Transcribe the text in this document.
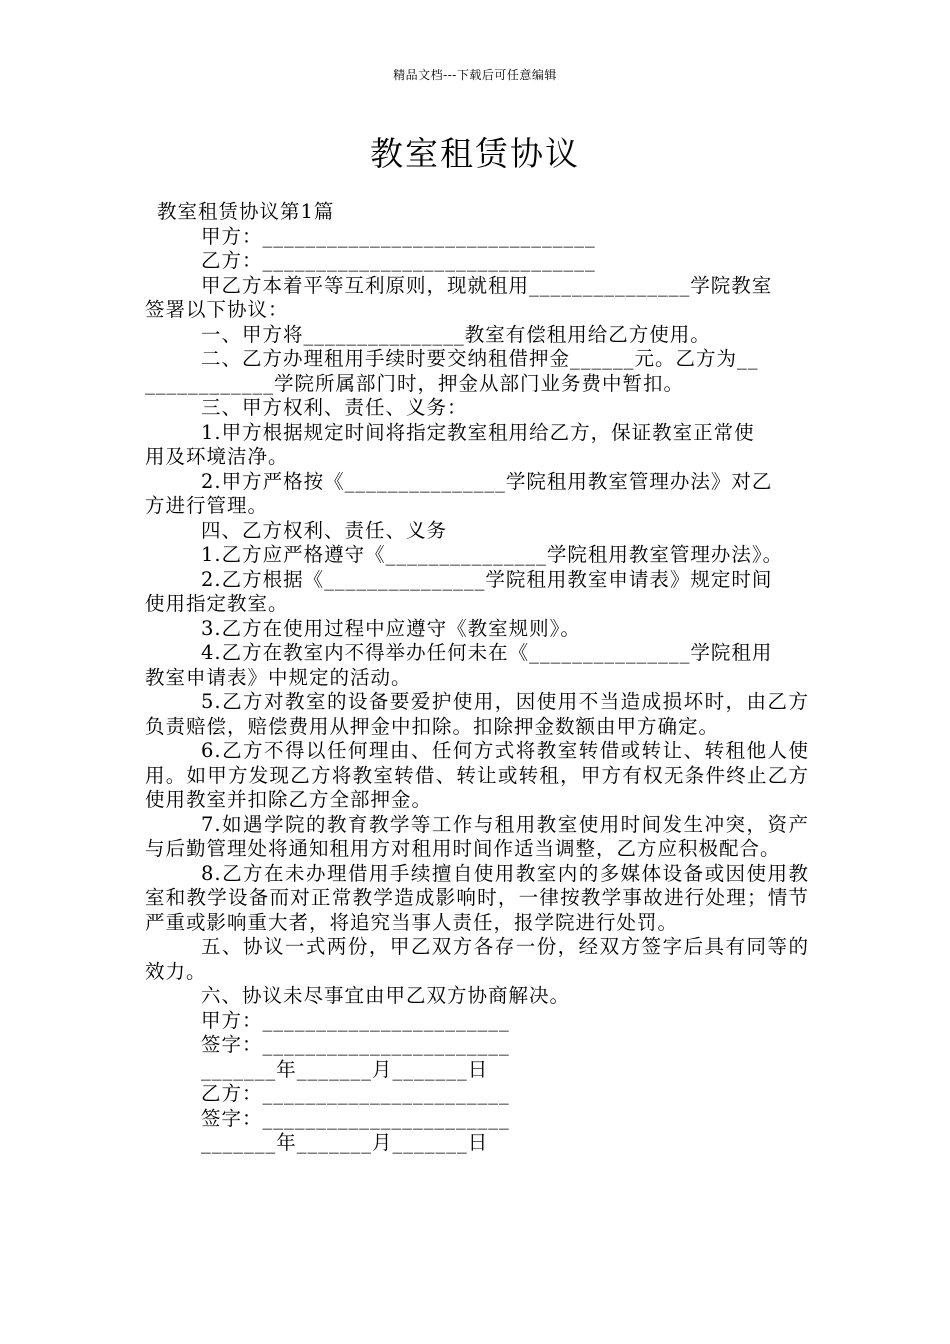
精品文档---下载后可任意编辑
教室租赁协议
教室租赁协议第1篇
甲方：_______________________________
乙方：_______________________________
甲乙方本着平等互利原则，现就租用_______________学院教室
签署以下协议：
一、甲方将_______________教室有偿租用给乙方使用。
二、乙方办理租用手续时要交纳租借押金______元。乙方为__
____________学院所属部门时，押金从部门业务费中暂扣。
三、甲方权利、责任、义务：
1.甲方根据规定时间将指定教室租用给乙方，保证教室正常使
用及环境洁净。
2.甲方严格按《_______________学院租用教室管理办法》对乙
方进行管理。
四、乙方权利、责任、义务
1.乙方应严格遵守《_______________学院租用教室管理办法》。
2.乙方根据《_______________学院租用教室申请表》规定时间
使用指定教室。
3.乙方在使用过程中应遵守《教室规则》。
4.乙方在教室内不得举办任何未在《_______________学院租用
教室申请表》中规定的活动。
5.乙方对教室的设备要爱护使用，因使用不当造成损坏时，由乙方负责赔偿，赔偿费用从押金中扣除。扣除押金数额由甲方确定。
6.乙方不得以任何理由、任何方式将教室转借或转让、转租他人使用。如甲方发现乙方将教室转借、转让或转租，甲方有权无条件终止乙方使用教室并扣除乙方全部押金。
7.如遇学院的教育教学等工作与租用教室使用时间发生冲突，资产与后勤管理处将通知租用方对租用时间作适当调整，乙方应积极配合。
8.乙方在未办理借用手续擅自使用教室内的多媒体设备或因使用教室和教学设备而对正常教学造成影响时，一律按教学事故进行处理；情节严重或影响重大者，将追究当事人责任，报学院进行处罚。
五、协议一式两份，甲乙双方各存一份，经双方签字后具有同等的效力。
六、协议未尽事宜由甲乙双方协商解决。
甲方：_______________________
签字：_______________________
_______年_______月_______日
乙方：_______________________
签字：_______________________
_______年_______月_______日
